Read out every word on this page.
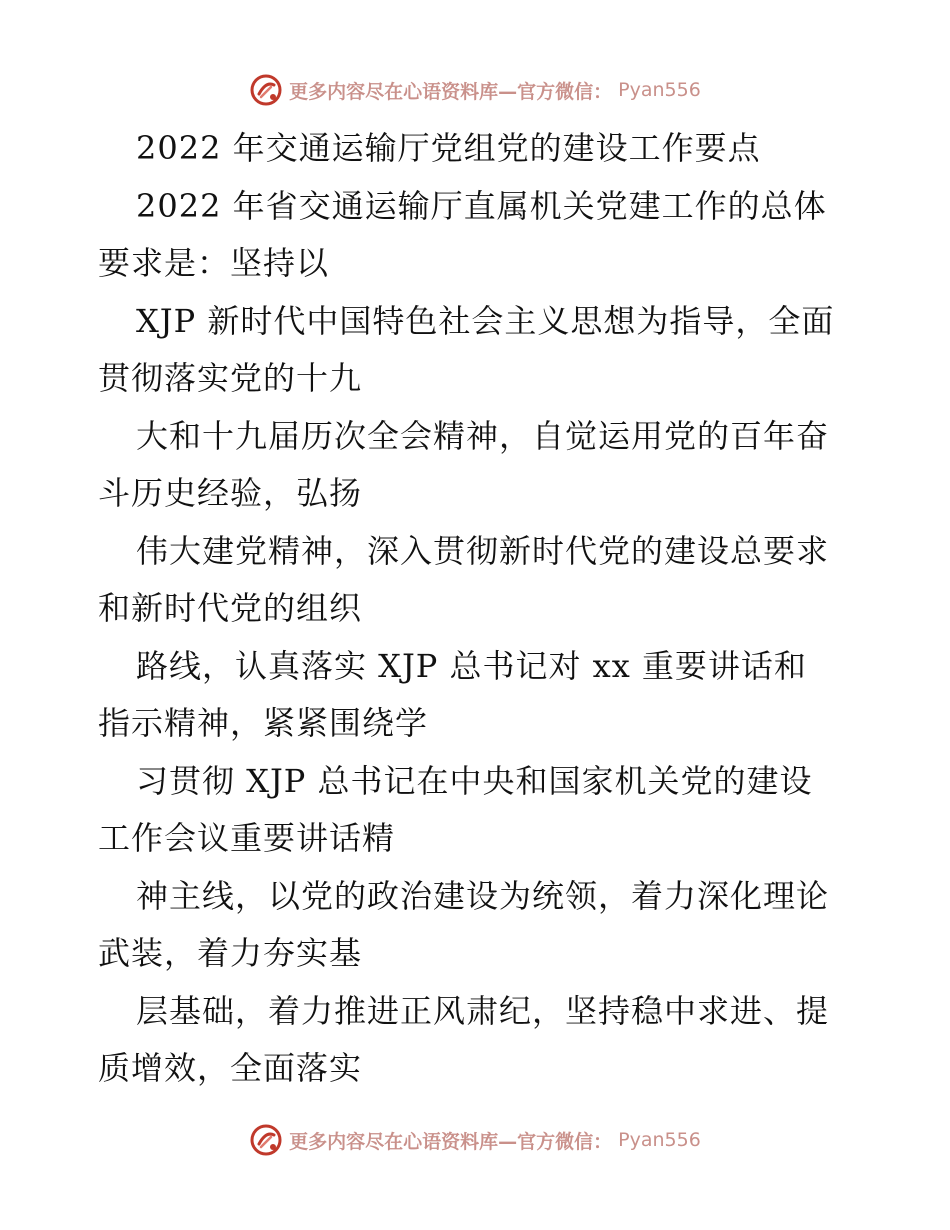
更多内容尽在心语资料库—官方微信： Pyan556
2022 年交通运输厅党组党的建设工作要点
2022 年省交通运输厅直属机关党建工作的总体
要求是：坚持以
XJP 新时代中国特色社会主义思想为指导，全面
贯彻落实党的十九
大和十九届历次全会精神，自觉运用党的百年奋
斗历史经验，弘扬
伟大建党精神，深入贯彻新时代党的建设总要求
和新时代党的组织
路线，认真落实 XJP 总书记对 xx 重要讲话和
指示精神，紧紧围绕学
习贯彻 XJP 总书记在中央和国家机关党的建设
工作会议重要讲话精
神主线，以党的政治建设为统领，着力深化理论
武装，着力夯实基
层基础，着力推进正风肃纪，坚持稳中求进、提
质增效，全面落实
更多内容尽在心语资料库—官方微信： Pyan556
